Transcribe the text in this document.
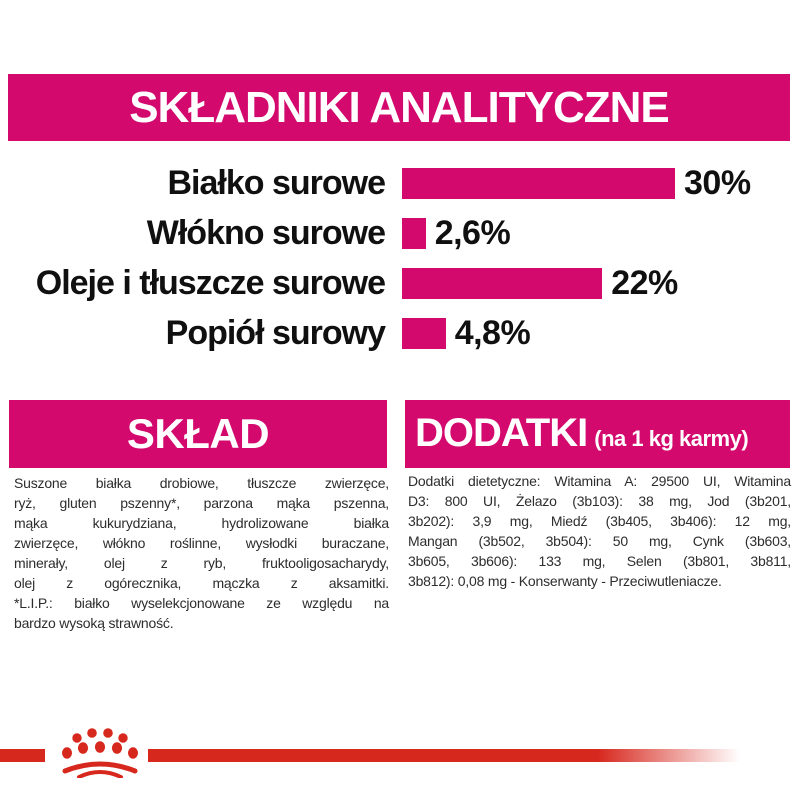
SKŁADNIKI ANALITYCZNE
Białko surowe	30%
Włókno surowe 2,6%
Oleje i tłuszcze surowe	22%
Popiół surowy 4,8%
SKŁAD	DODATKI (na 1 kg karmy)
Suszone białka drobiowe, tłuszcze zwierzęce,
ryż, gluten pszenny*, parzona mąka pszenna,
mąka kukurydziana, hydrolizowane białka
zwierzęce, włókno roślinne, wysłodki buraczane,
minerały, olej z ryb, fruktooligosacharydy,
olej z ogórecznika, mączka z aksamitki.
*L.I.P.: białko wyselekcjonowane ze względu na
bardzo wysoką strawność.
Dodatki dietetyczne: Witamina A: 29500 UI, Witamina
D3: 800 UI, Żelazo (3b103): 38 mg, Jod (3b201,
3b202): 3,9 mg, Miedź (3b405, 3b406): 12 mg,
Mangan (3b502, 3b504): 50 mg, Cynk (3b603,
3b605, 3b606): 133 mg, Selen (3b801, 3b811,
3b812): 0,08 mg - Konserwanty - Przeciwutleniacze.
